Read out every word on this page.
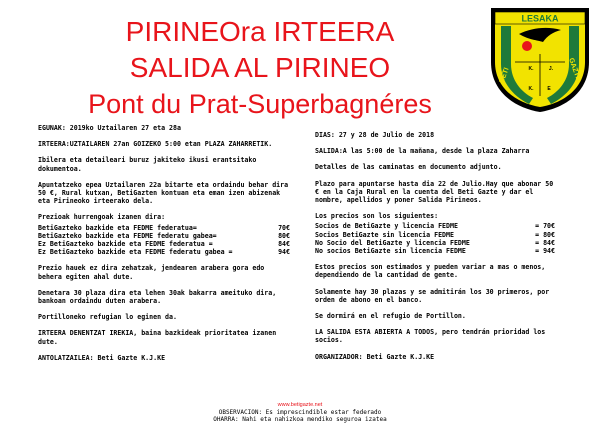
PIRINEOra IRTEERA
SALIDA AL PIRINEO
Pont du Prat-Superbagnéres
LESAKA
BETI	GAZTE
K.	J.
K.	E

EGUNAK: 2019ko Uztailaren 27 eta 28a

IRTEERA:UZTAILAREN 27an GOIZEKO 5:00 etan PLAZA ZAHARRETIK.

Ibilera eta detaileari buruz jakiteko ikusi erantsitako dokumentoa.

Apuntatzeko epea Uztailaren 22a bitarte eta ordaindu behar dira 50 €, Rural kutxan, BetiGazten kontuan eta eman izen abizenak eta Pirineoko irteerako dela.

Prezioak hurrengoak izanen dira:

BetiGazteko bazkide eta FEDME federatua=	70€
BetiGazteko bazkide eta FEDME federatu gabea=	80€
Ez BetiGazteko bazkide eta FEDME federatua =	84€
Ez BetiGazteko bazkide eta FEDME federatu gabea =	94€

Prezio hauek ez dira zehatzak, jendearen arabera gora edo behera egiten ahal dute.

Denetara 30 plaza dira eta lehen 30ak bakarra ameituko dira, bankoan ordaindu duten arabera.

Portilloneko refugian lo eginen da.

IRTEERA DENENTZAT IREKIA, baina bazkideak prioritatea izanen dute.

ANTOLATZAILEA: Beti Gazte K.J.KE

DIAS: 27 y 28 de Julio de 2018

SALIDA:A las 5:00 de la mañana, desde la plaza Zaharra

Detalles de las caminatas en documento adjunto.

Plazo para apuntarse hasta dia 22 de Julio.Hay que abonar 50 € en la Caja Rural en la cuenta del Beti Gazte y dar el nombre, apellidos y poner Salida Pirineos.

Los precios son los siguientes:

Socios de BetiGazte y licencia FEDME	= 70€
Socios BetiGazte sin licencia FEDME	= 80€
No Socio del BetiGazte y licencia FEDME	= 84€
No socios BetiGazte sin licencia FEDME	= 94€

Estos precios son estimados y pueden variar a mas o menos, dependiendo de la cantidad de gente.

Solamente hay 30 plazas y se admitirán los 30 primeros, por orden de abono en el banco.

Se dormirá en el refugio de Portillon.

LA SALIDA ESTA ABIERTA A TODOS, pero tendrán prioridad los socios.

ORGANIZADOR: Beti Gazte K.J.KE

www.betigazte.net
OBSERVACION: Es imprescindible estar federado
OHARRA: Nahi eta nahizkoa mendiko seguroa izatea
